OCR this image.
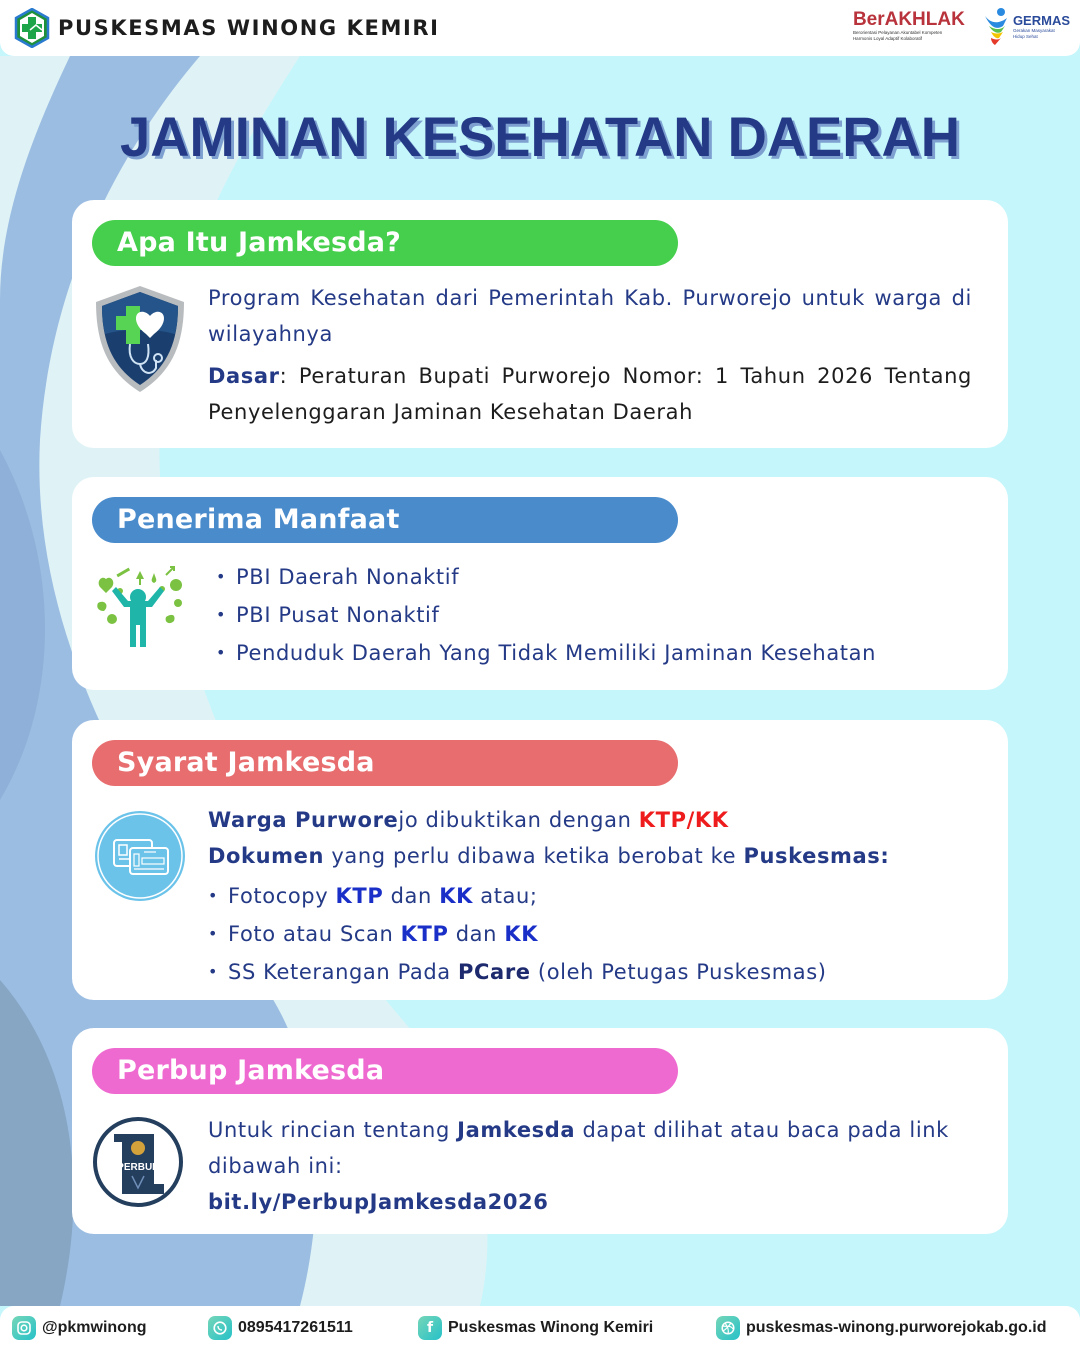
PUSKESMAS WINONG KEMIRI	BerAKHLAK
Berorientasi Pelayanan Akuntabel Kompeten
Harmonis Loyal Adaptif Kolaboratif
GERMAS
Gerakan Masyarakat
Hidup Sehat
JAMINAN KESEHATAN DAERAH
Apa Itu Jamkesda?

Program Kesehatan dari Pemerintah Kab. Purworejo untuk warga di wilayahnya

Dasar: Peraturan Bupati Purworejo Nomor: 1 Tahun 2026 Tentang Penyelenggaran Jaminan Kesehatan Daerah

Penerima Manfaat
• PBI Daerah Nonaktif
• PBI Pusat Nonaktif
• Penduduk Daerah Yang Tidak Memiliki Jaminan Kesehatan
Syarat Jamkesda

Warga Purworejo dibuktikan dengan KTP/KK

Dokumen yang perlu dibawa ketika berobat ke Puskesmas:

• Fotocopy KTP dan KK atau;
• Foto atau Scan KTP dan KK
• SS Keterangan Pada PCare (oleh Petugas Puskesmas)
Perbup Jamkesda
PERBUP

Untuk rincian tentang Jamkesda dapat dilihat atau baca pada link dibawah ini:

bit.ly/PerbupJamkesda2026

@pkmwinong	0895417261511	f Puskesmas Winong Kemiri	puskesmas-winong.purworejokab.go.id
